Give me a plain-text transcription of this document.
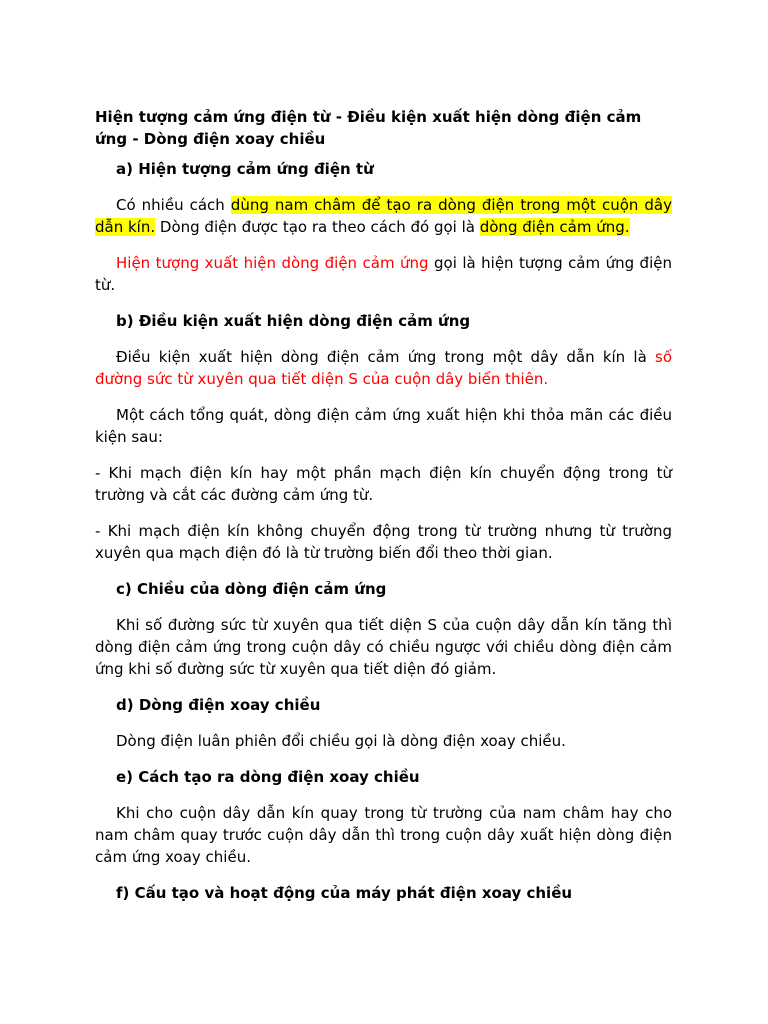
Hiện tượng cảm ứng điện từ - Điều kiện xuất hiện dòng điện cảm ứng - Dòng điện xoay chiều
a) Hiện tượng cảm ứng điện từ

Có nhiều cách dùng nam châm để tạo ra dòng điện trong một cuộn dây dẫn kín. Dòng điện được tạo ra theo cách đó gọi là dòng điện cảm ứng.

Hiện tượng xuất hiện dòng điện cảm ứng gọi là hiện tượng cảm ứng điện từ.

b) Điều kiện xuất hiện dòng điện cảm ứng

Điều kiện xuất hiện dòng điện cảm ứng trong một dây dẫn kín là số đường sức từ xuyên qua tiết diện S của cuộn dây biến thiên.

Một cách tổng quát, dòng điện cảm ứng xuất hiện khi thỏa mãn các điều kiện sau:

- Khi mạch điện kín hay một phần mạch điện kín chuyển động trong từ trường và cắt các đường cảm ứng từ.

- Khi mạch điện kín không chuyển động trong từ trường nhưng từ trường xuyên qua mạch điện đó là từ trường biến đổi theo thời gian.

c) Chiều của dòng điện cảm ứng

Khi số đường sức từ xuyên qua tiết diện S của cuộn dây dẫn kín tăng thì dòng điện cảm ứng trong cuộn dây có chiều ngược với chiều dòng điện cảm ứng khi số đường sức từ xuyên qua tiết diện đó giảm.

d) Dòng điện xoay chiều

Dòng điện luân phiên đổi chiều gọi là dòng điện xoay chiều.

e) Cách tạo ra dòng điện xoay chiều

Khi cho cuộn dây dẫn kín quay trong từ trường của nam châm hay cho nam châm quay trước cuộn dây dẫn thì trong cuộn dây xuất hiện dòng điện cảm ứng xoay chiều.

f) Cấu tạo và hoạt động của máy phát điện xoay chiều
